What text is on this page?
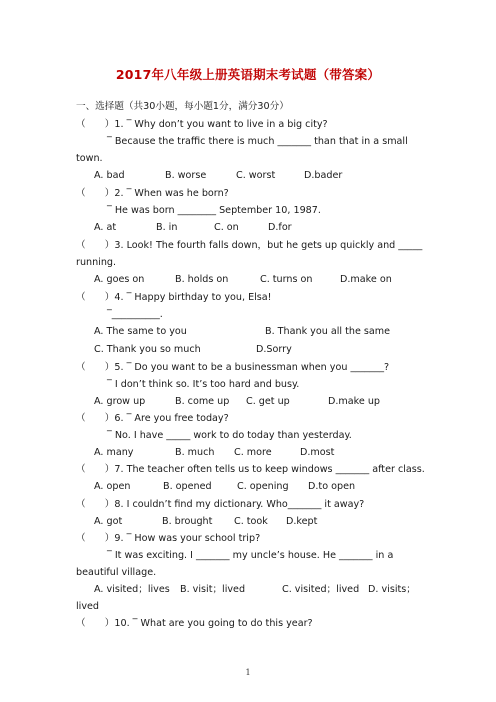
2017年八年级上册英语期末考试题（带答案）
一、选择题（共30小题，每小题1分，满分30分）
（　　）1. ‾ Why don’t you want to live in a big city?
‾ Because the traffic there is much _______ than that in a small
town.
A. bad	B. worse	C. worst	D.bader
（　　）2. ‾ When was he born?
‾ He was born ________ September 10, 1987.
A. at	B. in	C. on	D.for
（　　）3. Look! The fourth falls down，but he gets up quickly and _____
running.
A. goes on	B. holds on	C. turns on	D.make on
（　　）4. ‾ Happy birthday to you, Elsa!
‾__________.
A. The same to you	B. Thank you all the same
C. Thank you so much	D.Sorry
（　　）5. ‾ Do you want to be a businessman when you _______?
‾ I don’t think so. It’s too hard and busy.
A. grow up	B. come up C. get up	D.make up
（　　）6. ‾ Are you free today?
‾ No. I have _____ work to do today than yesterday.
A. many	B. much C. more	D.most
（　　）7. The teacher often tells us to keep windows _______ after class.
A. open	B. opened	C. opening D.to open
（　　）8. I couldn’t find my dictionary. Who_______ it away?
A. got	B. brought C. took D.kept
（　　）9. ‾ How was your school trip?
‾ It was exciting. I _______ my uncle’s house. He _______ in a
beautiful village.
A. visited；lives B. visit；lived	C. visited；lived D. visits；
lived
（　　）10. ‾ What are you going to do this year?
1
